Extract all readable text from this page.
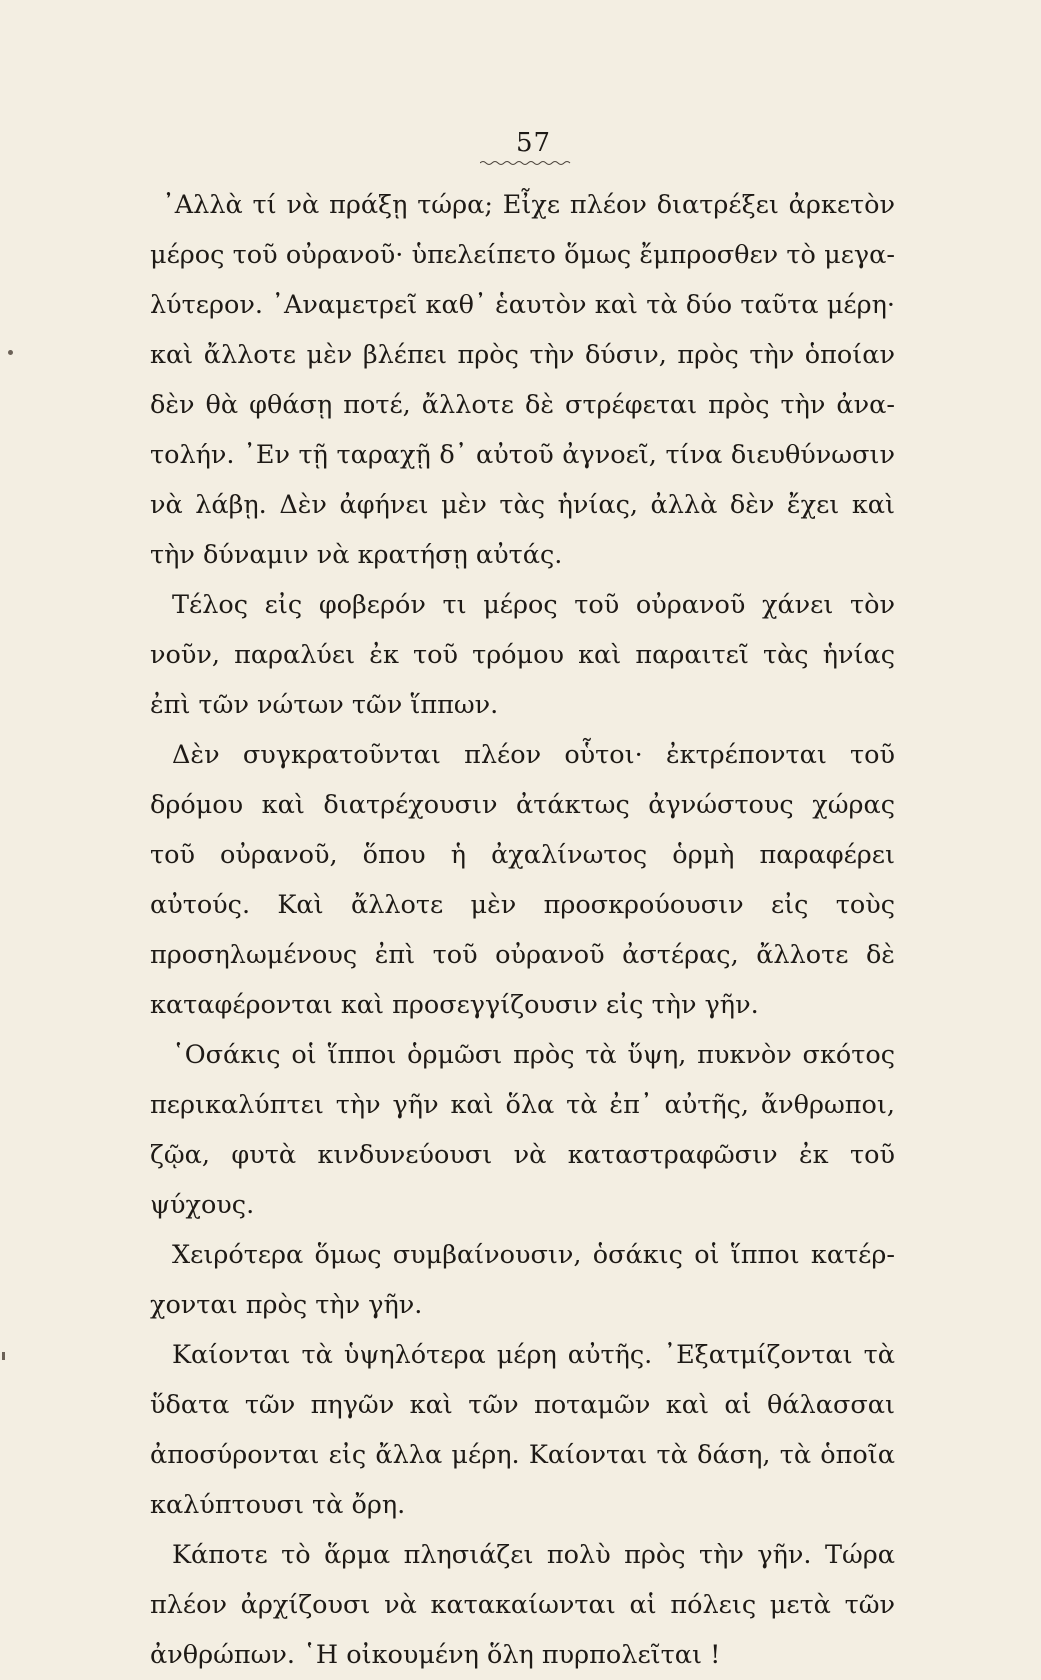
57

᾿Αλλὰ τί νὰ πράξῃ τώρα; Εἶχε πλέον διατρέξει ἀρκετὸν μέρος τοῦ οὐρανοῦ· ὑπελείπετο ὅμως ἔμπροσθεν τὸ μεγαλύτερον. ᾿Αναμετρεῖ καθ᾿ ἑαυτὸν καὶ τὰ δύο ταῦτα μέρη· καὶ ἄλλοτε μὲν βλέπει πρὸς τὴν δύσιν, πρὸς τὴν ὁποίαν δὲν θὰ φθάσῃ ποτέ, ἄλλοτε δὲ στρέφεται πρὸς τὴν ἀνατολήν. ᾿Εν τῇ ταραχῇ δ᾿ αὐτοῦ ἀγνοεῖ, τίνα διευθύνωσιν νὰ λάβῃ. Δὲν ἀφήνει μὲν τὰς ἡνίας, ἀλλὰ δὲν ἔχει καὶ τὴν δύναμιν νὰ κρατήσῃ αὐτάς.

Τέλος εἰς φοβερόν τι μέρος τοῦ οὐρανοῦ χάνει τὸν νοῦν, παραλύει ἐκ τοῦ τρόμου καὶ παραιτεῖ τὰς ἡνίας ἐπὶ τῶν νώτων τῶν ἵππων.

Δὲν συγκρατοῦνται πλέον οὗτοι· ἐκτρέπονται τοῦ δρόμου καὶ διατρέχουσιν ἀτάκτως ἀγνώστους χώρας τοῦ οὐρανοῦ, ὅπου ἡ ἀχαλίνωτος ὁρμὴ παραφέρει αὐτούς. Καὶ ἄλλοτε μὲν προσκρούουσιν εἰς τοὺς προσηλωμένους ἐπὶ τοῦ οὐρανοῦ ἀστέρας, ἄλλοτε δὲ καταφέρονται καὶ προσεγγίζουσιν εἰς τὴν γῆν.

῾Οσάκις οἱ ἵπποι ὁρμῶσι πρὸς τὰ ὕψη, πυκνὸν σκότος περικαλύπτει τὴν γῆν καὶ ὅλα τὰ ἐπ᾿ αὐτῆς, ἄνθρωποι, ζῷα, φυτὰ κινδυνεύουσι νὰ καταστραφῶσιν ἐκ τοῦ ψύχους.

Χειρότερα ὅμως συμβαίνουσιν, ὁσάκις οἱ ἵπποι κατέρχονται πρὸς τὴν γῆν.

Καίονται τὰ ὑψηλότερα μέρη αὐτῆς. ᾿Εξατμίζονται τὰ ὕδατα τῶν πηγῶν καὶ τῶν ποταμῶν καὶ αἱ θάλασσαι ἀποσύρονται εἰς ἄλλα μέρη. Καίονται τὰ δάση, τὰ ὁποῖα καλύπτουσι τὰ ὄρη.

Κάποτε τὸ ἅρμα πλησιάζει πολὺ πρὸς τὴν γῆν. Τώρα πλέον ἀρχίζουσι νὰ κατακαίωνται αἱ πόλεις μετὰ τῶν ἀνθρώπων. ῾Η οἰκουμένη ὅλη πυρπολεῖται !
